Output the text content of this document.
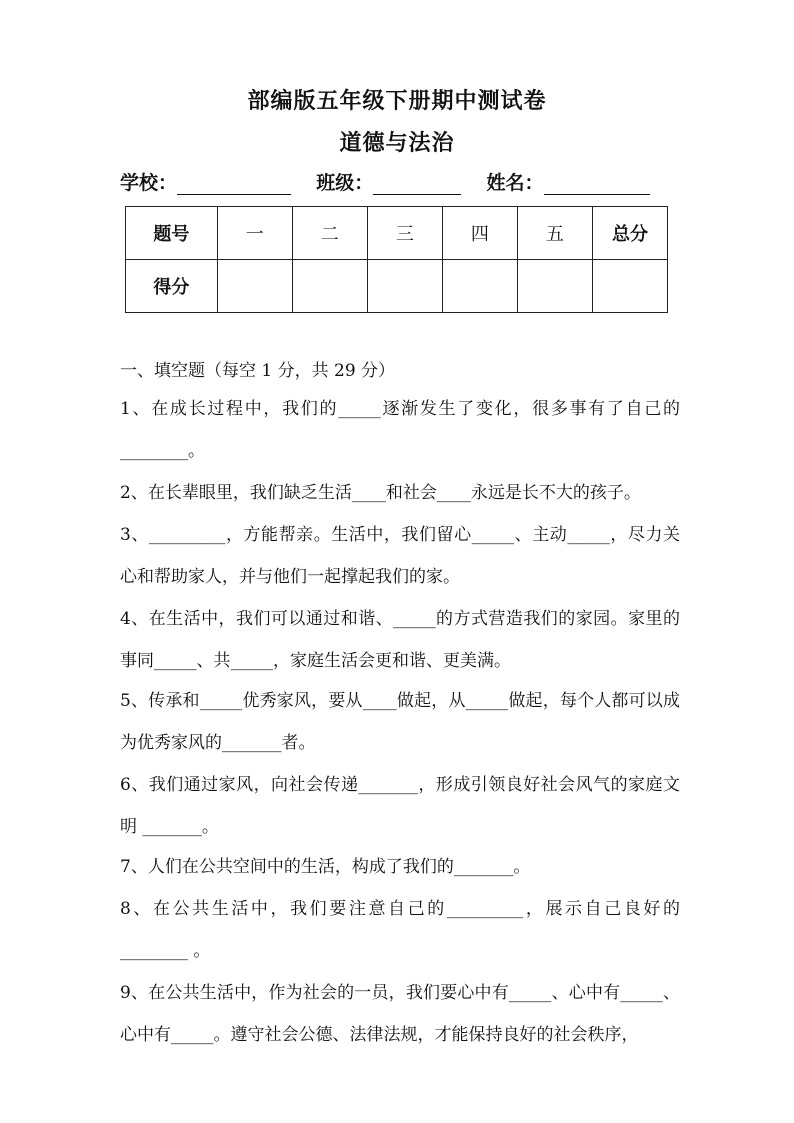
部编版五年级下册期中测试卷
道德与法治
学校：	班级：	姓名：
题号	一	二	三	四	五	总分
得分						
一、填空题（每空 1 分，共 29 分）
1、在成长过程中，我们的_____逐渐发生了变化，很多事有了自己的________。
2、在长辈眼里，我们缺乏生活____和社会____永远是长不大的孩子。
3、_________，方能帮亲。生活中，我们留心_____、主动_____，尽力关心和帮助家人，并与他们一起撑起我们的家。
4、在生活中，我们可以通过和谐、_____的方式营造我们的家园。家里的事同_____、共_____，家庭生活会更和谐、更美满。
5、传承和_____优秀家风，要从____做起，从_____做起，每个人都可以成为优秀家风的_______者。
6、我们通过家风，向社会传递_______，形成引领良好社会风气的家庭文明 _______。
7、人们在公共空间中的生活，构成了我们的_______。
8、在公共生活中，我们要注意自己的_________，展示自己良好的________ 。
9、在公共生活中，作为社会的一员，我们要心中有_____、心中有_____、心中有_____。遵守社会公德、法律法规，才能保持良好的社会秩序，
